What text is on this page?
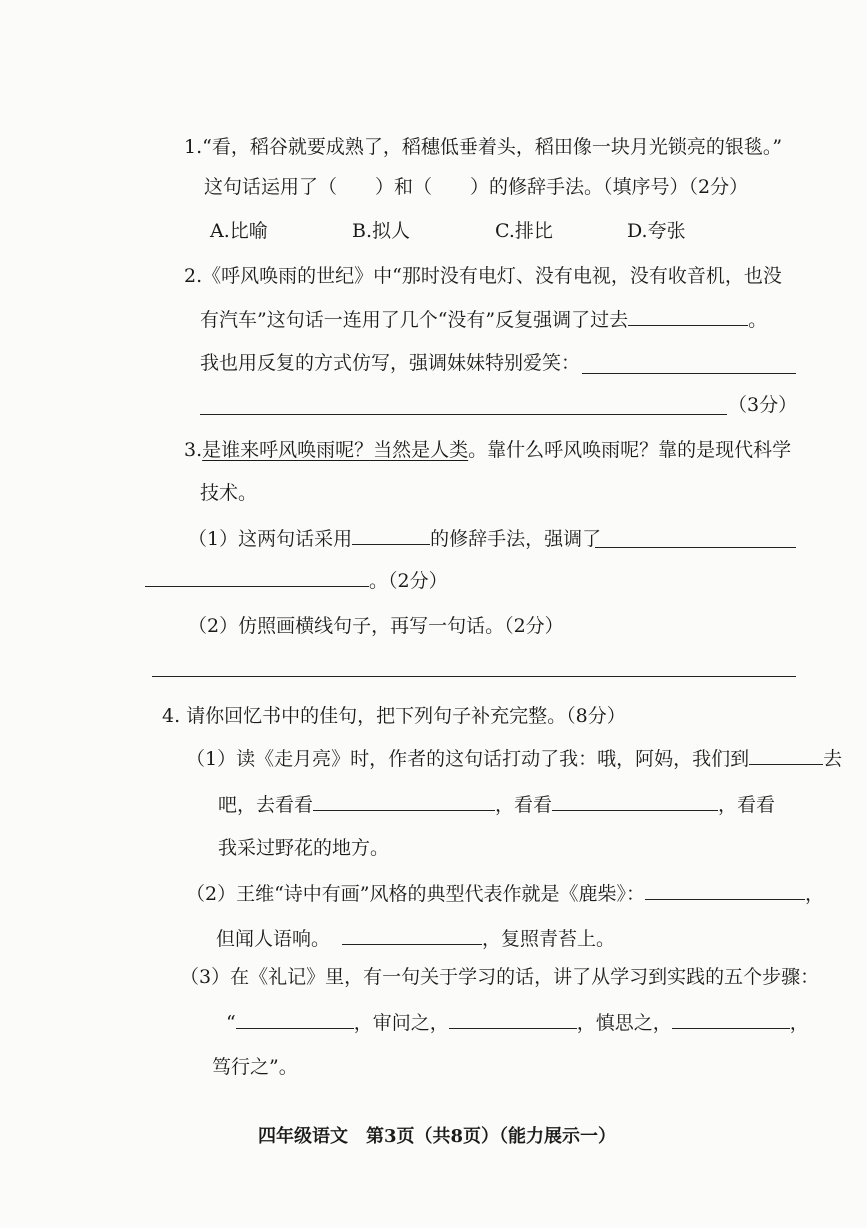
1.“看，稻谷就要成熟了，稻穗低垂着头，稻田像一块月光锁亮的银毯。”
这句话运用了（ ）和（ ）的修辞手法。（填序号）（2分）
A.比喻	B.拟人	C.排比	D.夸张
2.《呼风唤雨的世纪》中“那时没有电灯、没有电视，没有收音机，也没
有汽车”这句话一连用了几个“没有”反复强调了过去	。
我也用反复的方式仿写，强调妹妹特别爱笑：
（3分）
3.是谁来呼风唤雨呢？当然是人类。靠什么呼风唤雨呢？靠的是现代科学
技术。
（1）这两句话采用	的修辞手法，强调了
。（2分）
（2）仿照画横线句子，再写一句话。（2分）
4. 请你回忆书中的佳句，把下列句子补充完整。（8分）
（1）读《走月亮》时，作者的这句话打动了我：哦，阿妈，我们到	去
吧，去看看	，看看	，看看
我采过野花的地方。
（2）王维“诗中有画”风格的典型代表作就是《鹿柴》：	，
但闻人语响。	，复照青苔上。
（3）在《礼记》里，有一句关于学习的话，讲了从学习到实践的五个步骤：
“	，审问之，	，慎思之，	，
笃行之”。
四年级语文　第3页（共8页）（能力展示一）
